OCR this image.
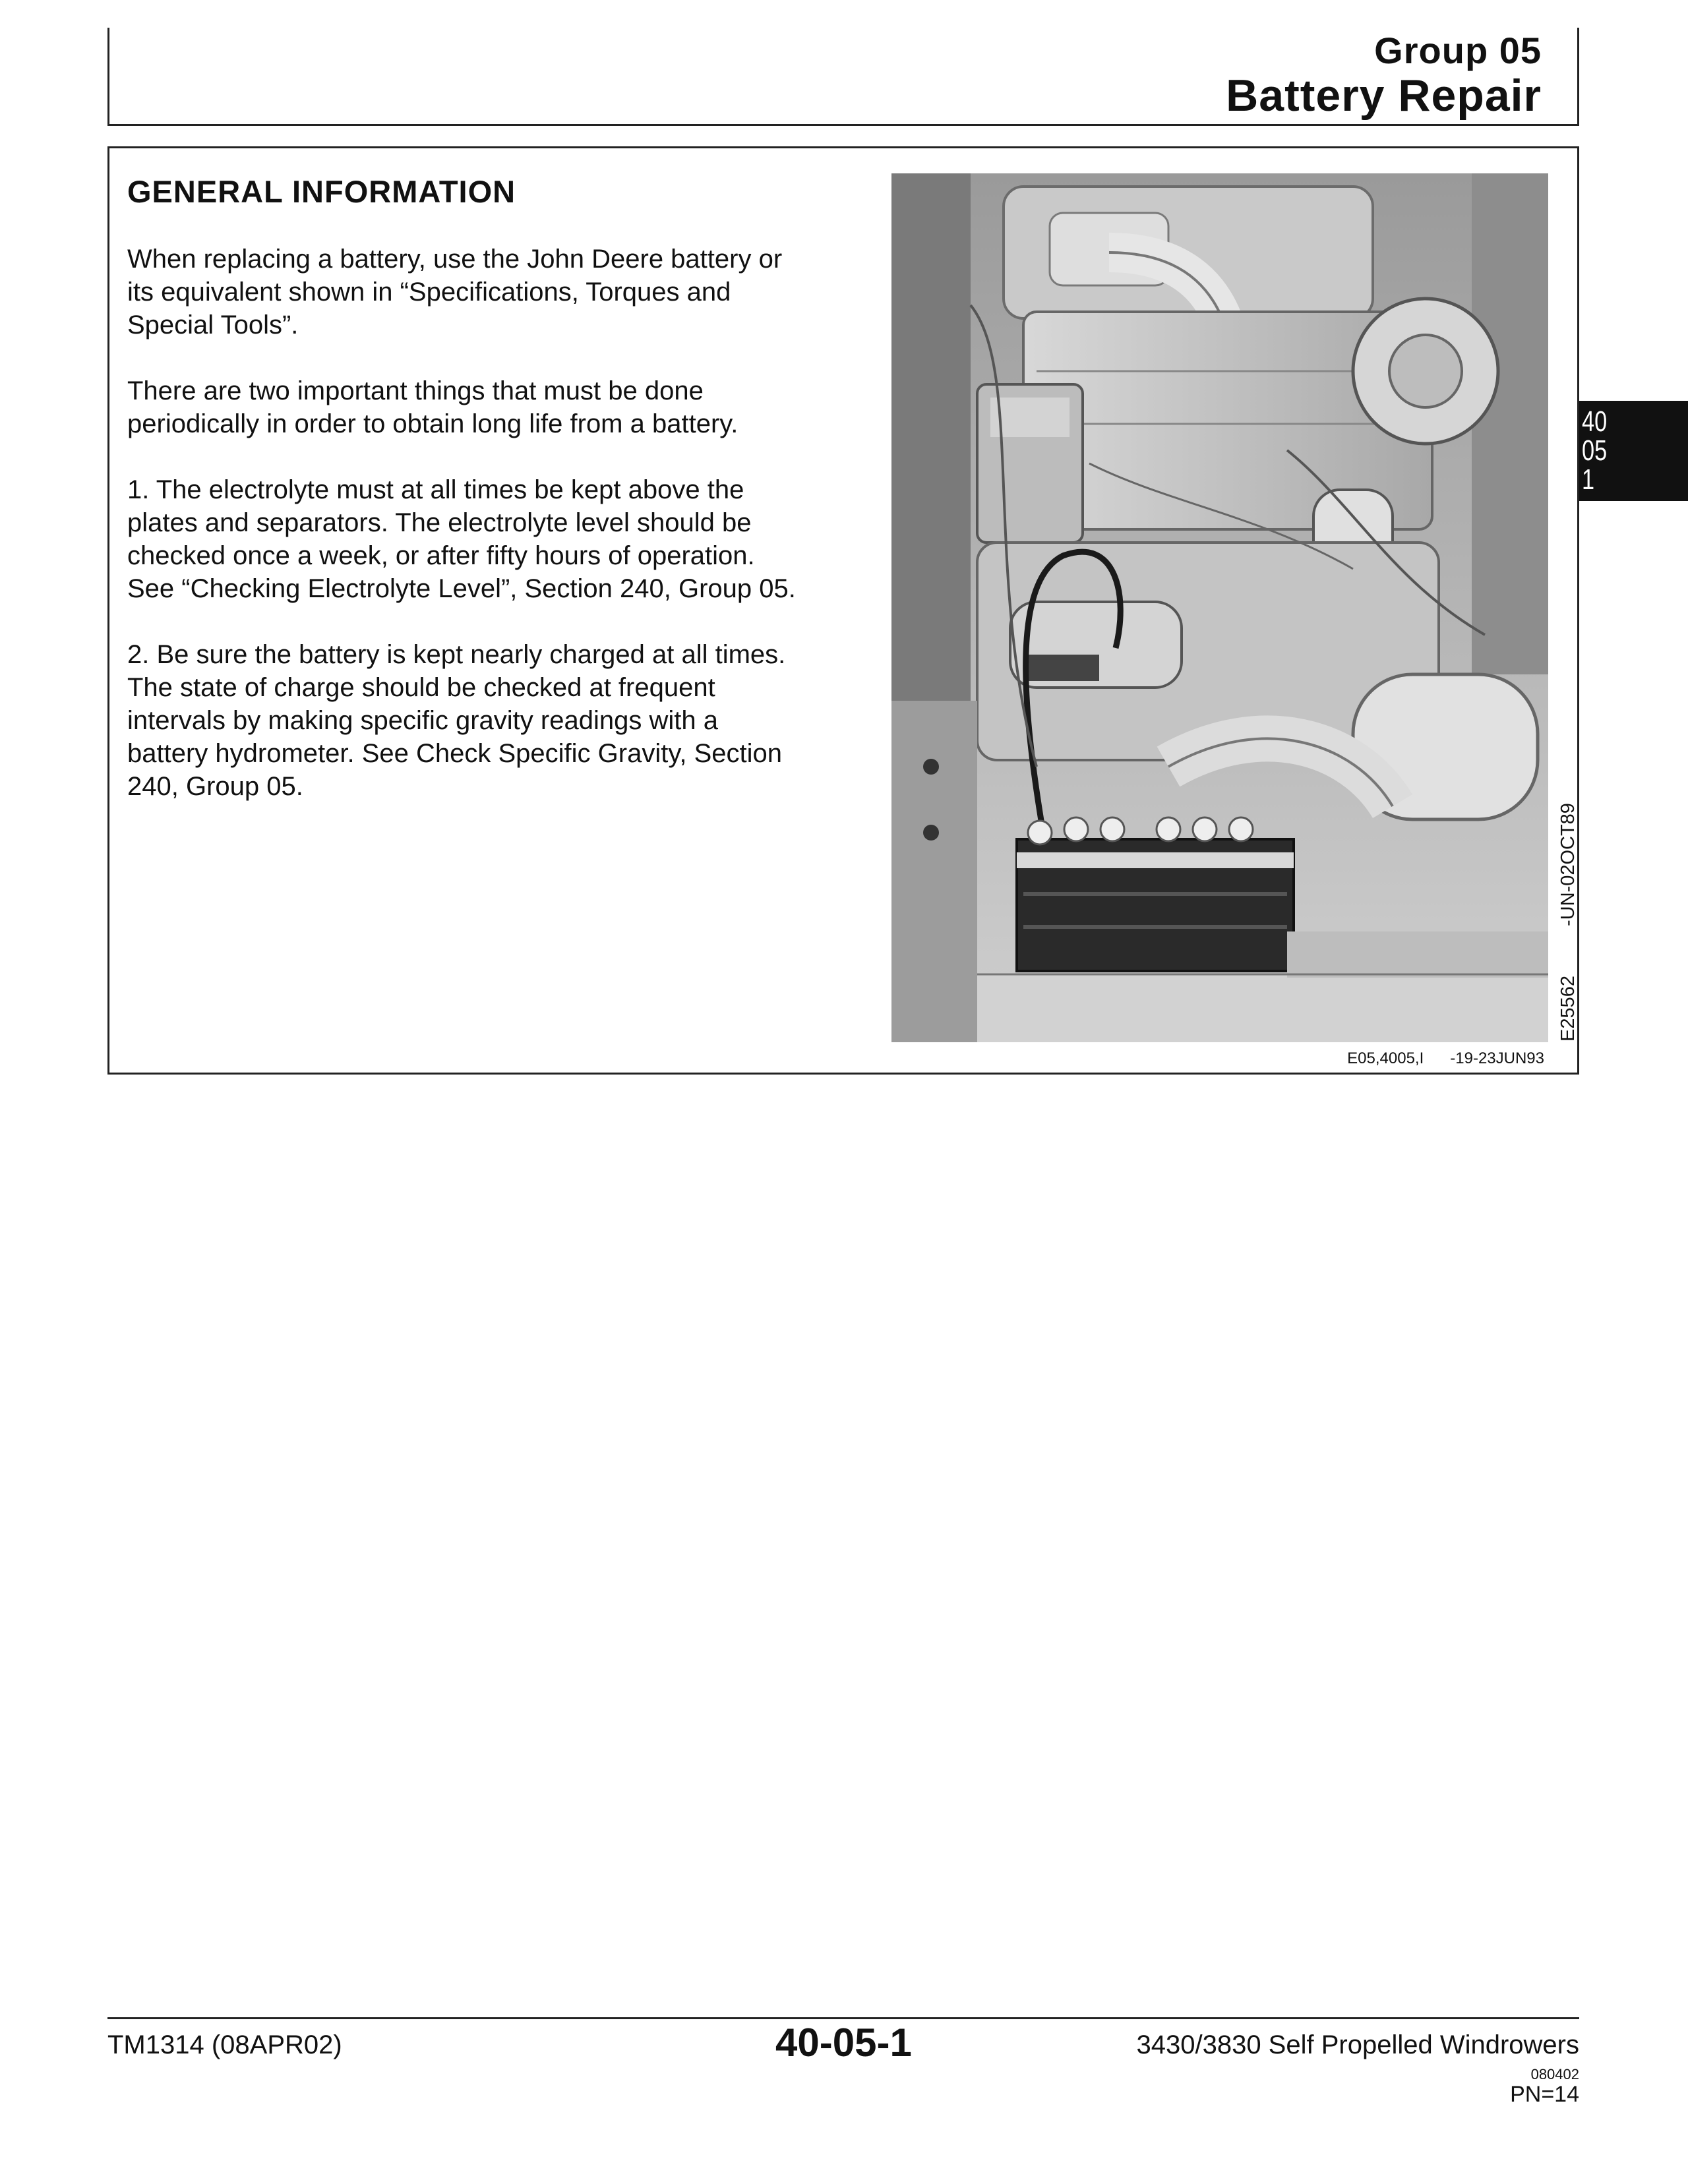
Group 05
Battery Repair
GENERAL INFORMATION
When replacing a battery, use the John Deere battery or
its equivalent shown in “Specifications, Torques and
Special Tools”.
There are two important things that must be done
periodically in order to obtain long life from a battery.
1. The electrolyte must at all times be kept above the
plates and separators. The electrolyte level should be
checked once a week, or after fifty hours of operation.
See “Checking Electrolyte Level”, Section 240, Group 05.
2. Be sure the battery is kept nearly charged at all times.
The state of charge should be checked at frequent
intervals by making specific gravity readings with a
battery hydrometer. See Check Specific Gravity, Section
240, Group 05.
E25562
-UN-02OCT89
E05,4005,I      -19-23JUN93
40
05
1
TM1314 (08APR02)	40-05-1	3430/3830 Self Propelled Windrowers
080402
PN=14
